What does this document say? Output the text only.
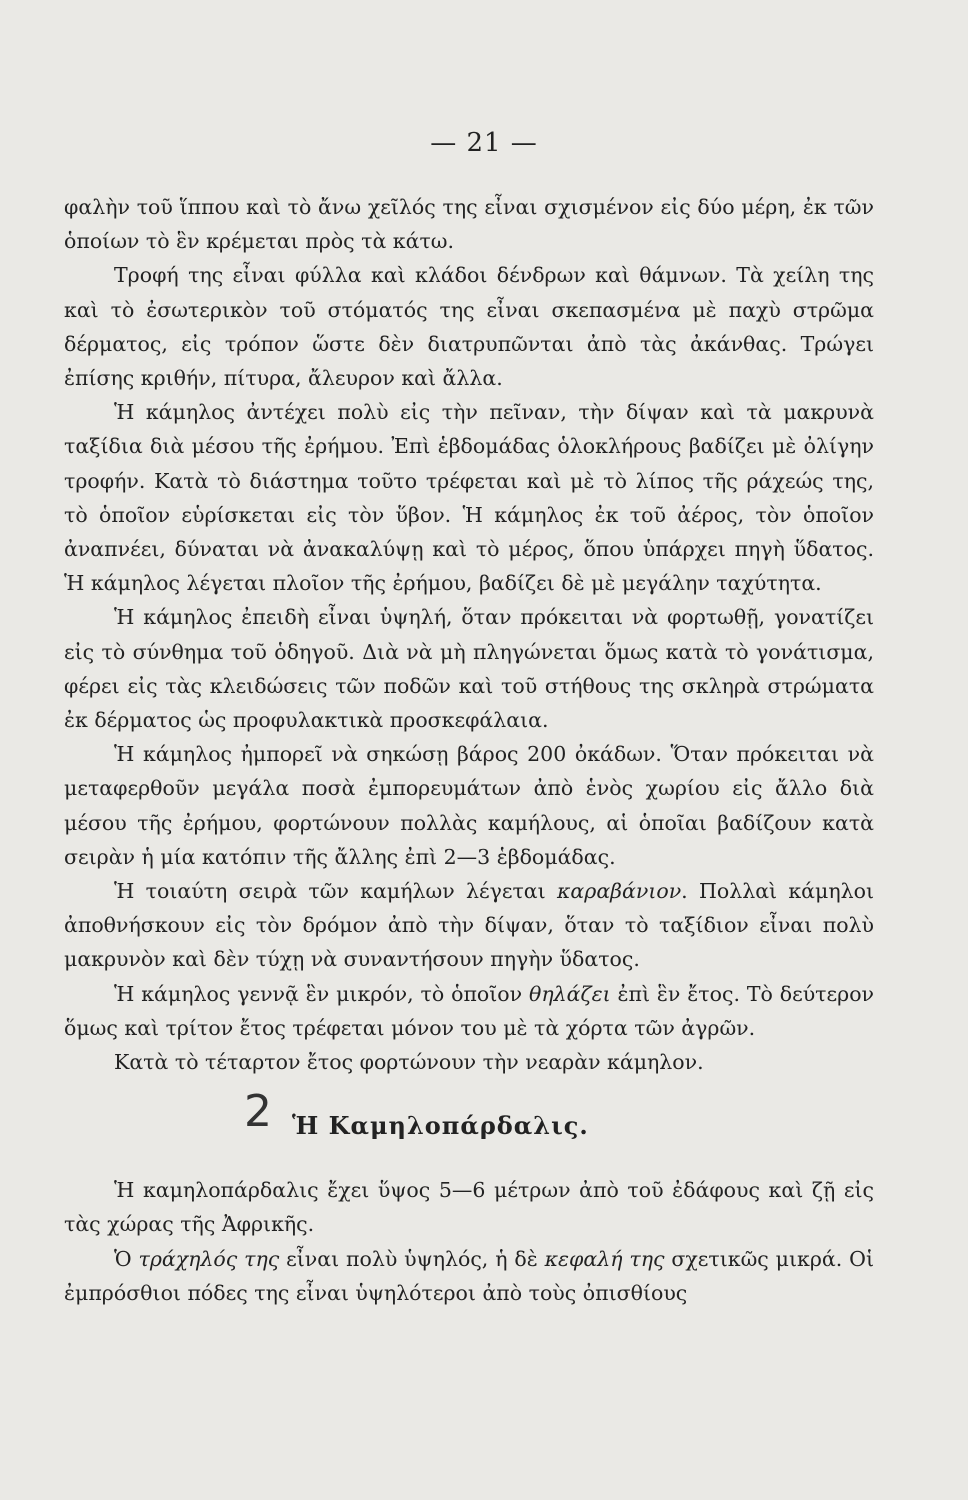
— 21 —

φαλὴν τοῦ ἵππου καὶ τὸ ἄνω χεῖλός της εἶναι σχισμένον εἰς δύο μέρη, ἐκ τῶν ὁποίων τὸ ἓν κρέμεται πρὸς τὰ κάτω.

Τροφή της εἶναι φύλλα καὶ κλάδοι δένδρων καὶ θάμνων. Τὰ χείλη της καὶ τὸ ἐσωτερικὸν τοῦ στόματός της εἶναι σκεπασμένα μὲ παχὺ στρῶμα δέρματος, εἰς τρόπον ὥστε δὲν διατρυπῶνται ἀπὸ τὰς ἀκάνθας. Τρώγει ἐπίσης κριθήν, πίτυρα, ἄλευρον καὶ ἄλλα.

Ἡ κάμηλος ἀντέχει πολὺ εἰς τὴν πεῖναν, τὴν δίψαν καὶ τὰ μακρυνὰ ταξίδια διὰ μέσου τῆς ἐρήμου. Ἐπὶ ἑβδομάδας ὁλοκλήρους βαδίζει μὲ ὀλίγην τροφήν. Κατὰ τὸ διάστημα τοῦτο τρέφεται καὶ μὲ τὸ λίπος τῆς ράχεώς της, τὸ ὁποῖον εὑρίσκεται εἰς τὸν ὕβον. Ἡ κάμηλος ἐκ τοῦ ἀέρος, τὸν ὁποῖον ἀναπνέει, δύναται νὰ ἀνακαλύψῃ καὶ τὸ μέρος, ὅπου ὑπάρχει πηγὴ ὕδατος. Ἡ κάμηλος λέγεται πλοῖον τῆς ἐρήμου, βαδίζει δὲ μὲ μεγάλην ταχύτητα.

Ἡ κάμηλος ἐπειδὴ εἶναι ὑψηλή, ὅταν πρόκειται νὰ φορτωθῇ, γονατίζει εἰς τὸ σύνθημα τοῦ ὁδηγοῦ. Διὰ νὰ μὴ πληγώνεται ὅμως κατὰ τὸ γονάτισμα, φέρει εἰς τὰς κλειδώσεις τῶν ποδῶν καὶ τοῦ στήθους της σκληρὰ στρώματα ἐκ δέρματος ὡς προφυλακτικὰ προσκεφάλαια.

Ἡ κάμηλος ἠμπορεῖ νὰ σηκώσῃ βάρος 200 ὀκάδων. Ὅταν πρόκειται νὰ μεταφερθοῦν μεγάλα ποσὰ ἐμπορευμάτων ἀπὸ ἑνὸς χωρίου εἰς ἄλλο διὰ μέσου τῆς ἐρήμου, φορτώνουν πολλὰς καμήλους, αἱ ὁποῖαι βαδίζουν κατὰ σειρὰν ἡ μία κατόπιν τῆς ἄλλης ἐπὶ 2—3 ἑβδομάδας.

Ἡ τοιαύτη σειρὰ τῶν καμήλων λέγεται καραβάνιον. Πολλαὶ κάμηλοι ἀποθνήσκουν εἰς τὸν δρόμον ἀπὸ τὴν δίψαν, ὅταν τὸ ταξίδιον εἶναι πολὺ μακρυνὸν καὶ δὲν τύχῃ νὰ συναντήσουν πηγὴν ὕδατος.

Ἡ κάμηλος γεννᾷ ἓν μικρόν, τὸ ὁποῖον θηλάζει ἐπὶ ἓν ἔτος. Τὸ δεύτερον ὅμως καὶ τρίτον ἔτος τρέφεται μόνον του μὲ τὰ χόρτα τῶν ἀγρῶν.

Κατὰ τὸ τέταρτον ἔτος φορτώνουν τὴν νεαρὰν κάμηλον.

2 Ἡ Καμηλοπάρδαλις.

Ἡ καμηλοπάρδαλις ἔχει ὕψος 5—6 μέτρων ἀπὸ τοῦ ἐδάφους καὶ ζῇ εἰς τὰς χώρας τῆς Ἀφρικῆς.

Ὁ τράχηλός της εἶναι πολὺ ὑψηλός, ἡ δὲ κεφαλή της σχετικῶς μικρά. Οἱ ἐμπρόσθιοι πόδες της εἶναι ὑψηλότεροι ἀπὸ τοὺς ὀπισθίους
